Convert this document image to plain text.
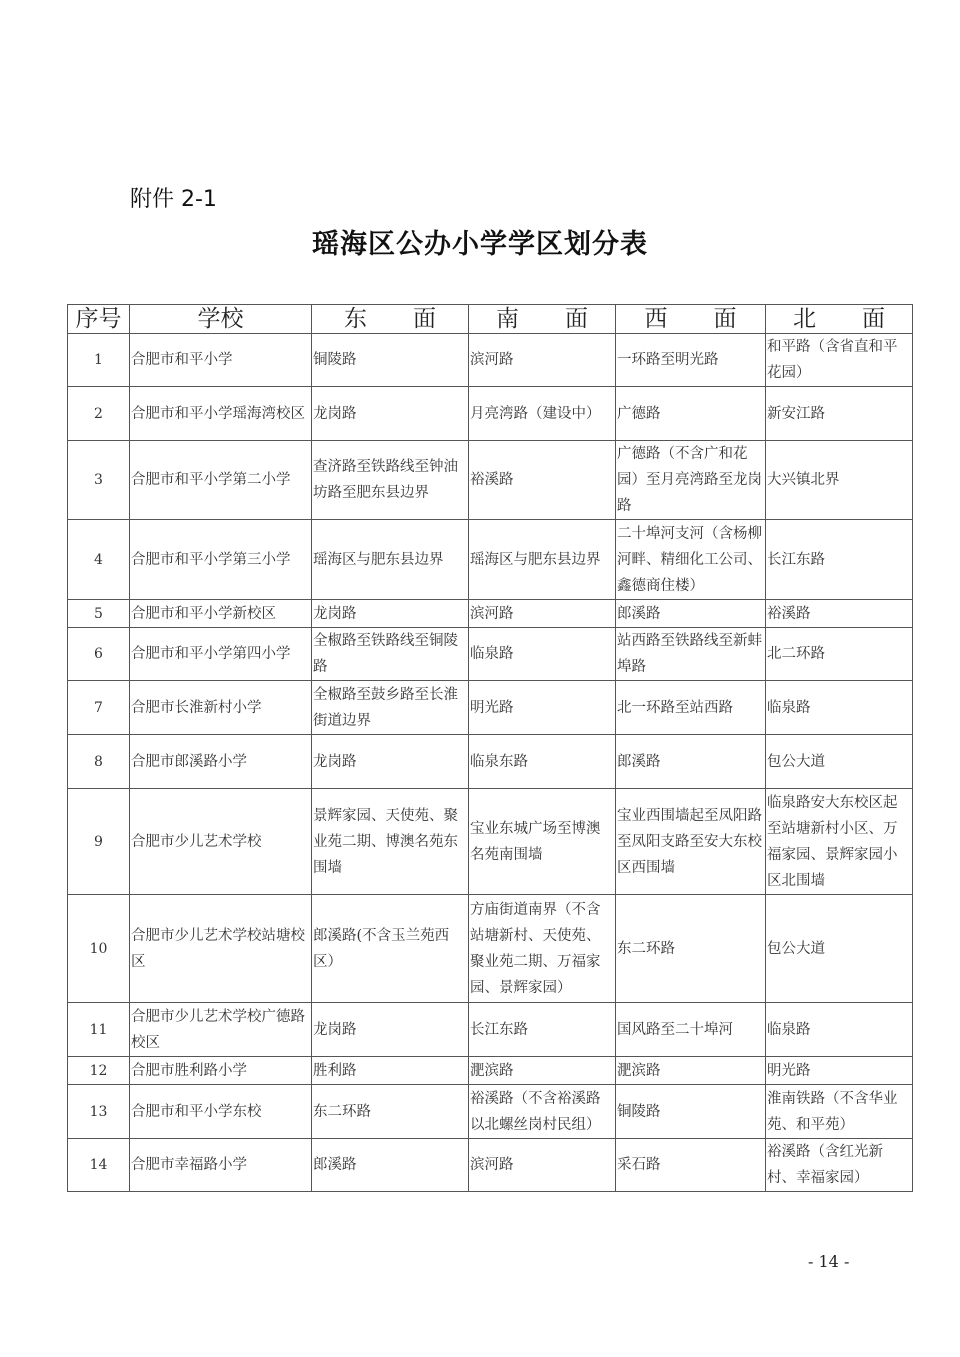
附件 2-1
瑶海区公办小学学区划分表
序号	学校	东　　面	南　　面	西　　面	北　　面
1	合肥市和平小学	铜陵路	滨河路	一环路至明光路	和平路（含省直和平花园）
2	合肥市和平小学瑶海湾校区	龙岗路	月亮湾路（建设中）	广德路	新安江路
3	合肥市和平小学第二小学	查济路至铁路线至钟油坊路至肥东县边界	裕溪路	广德路（不含广和花园）至月亮湾路至龙岗路	大兴镇北界
4	合肥市和平小学第三小学	瑶海区与肥东县边界	瑶海区与肥东县边界	二十埠河支河（含杨柳河畔、精细化工公司、鑫德商住楼）	长江东路
5	合肥市和平小学新校区	龙岗路	滨河路	郎溪路	裕溪路
6	合肥市和平小学第四小学	全椒路至铁路线至铜陵路	临泉路	站西路至铁路线至新蚌埠路	北二环路
7	合肥市长淮新村小学	全椒路至鼓乡路至长淮街道边界	明光路	北一环路至站西路	临泉路
8	合肥市郎溪路小学	龙岗路	临泉东路	郎溪路	包公大道
9	合肥市少儿艺术学校	景辉家园、天使苑、聚业苑二期、博澳名苑东围墙	宝业东城广场至博澳名苑南围墙	宝业西围墙起至凤阳路至凤阳支路至安大东校区西围墙	临泉路安大东校区起至站塘新村小区、万福家园、景辉家园小区北围墙
10	合肥市少儿艺术学校站塘校区	郎溪路(不含玉兰苑西区）	方庙街道南界（不含站塘新村、天使苑、聚业苑二期、万福家园、景辉家园）	东二环路	包公大道
11	合肥市少儿艺术学校广德路校区	龙岗路	长江东路	国风路至二十埠河	临泉路
12	合肥市胜利路小学	胜利路	淝滨路	淝滨路	明光路
13	合肥市和平小学东校	东二环路	裕溪路（不含裕溪路以北螺丝岗村民组）	铜陵路	淮南铁路（不含华业苑、和平苑）
14	合肥市幸福路小学	郎溪路	滨河路	采石路	裕溪路（含红光新村、幸福家园）
- 14 -
